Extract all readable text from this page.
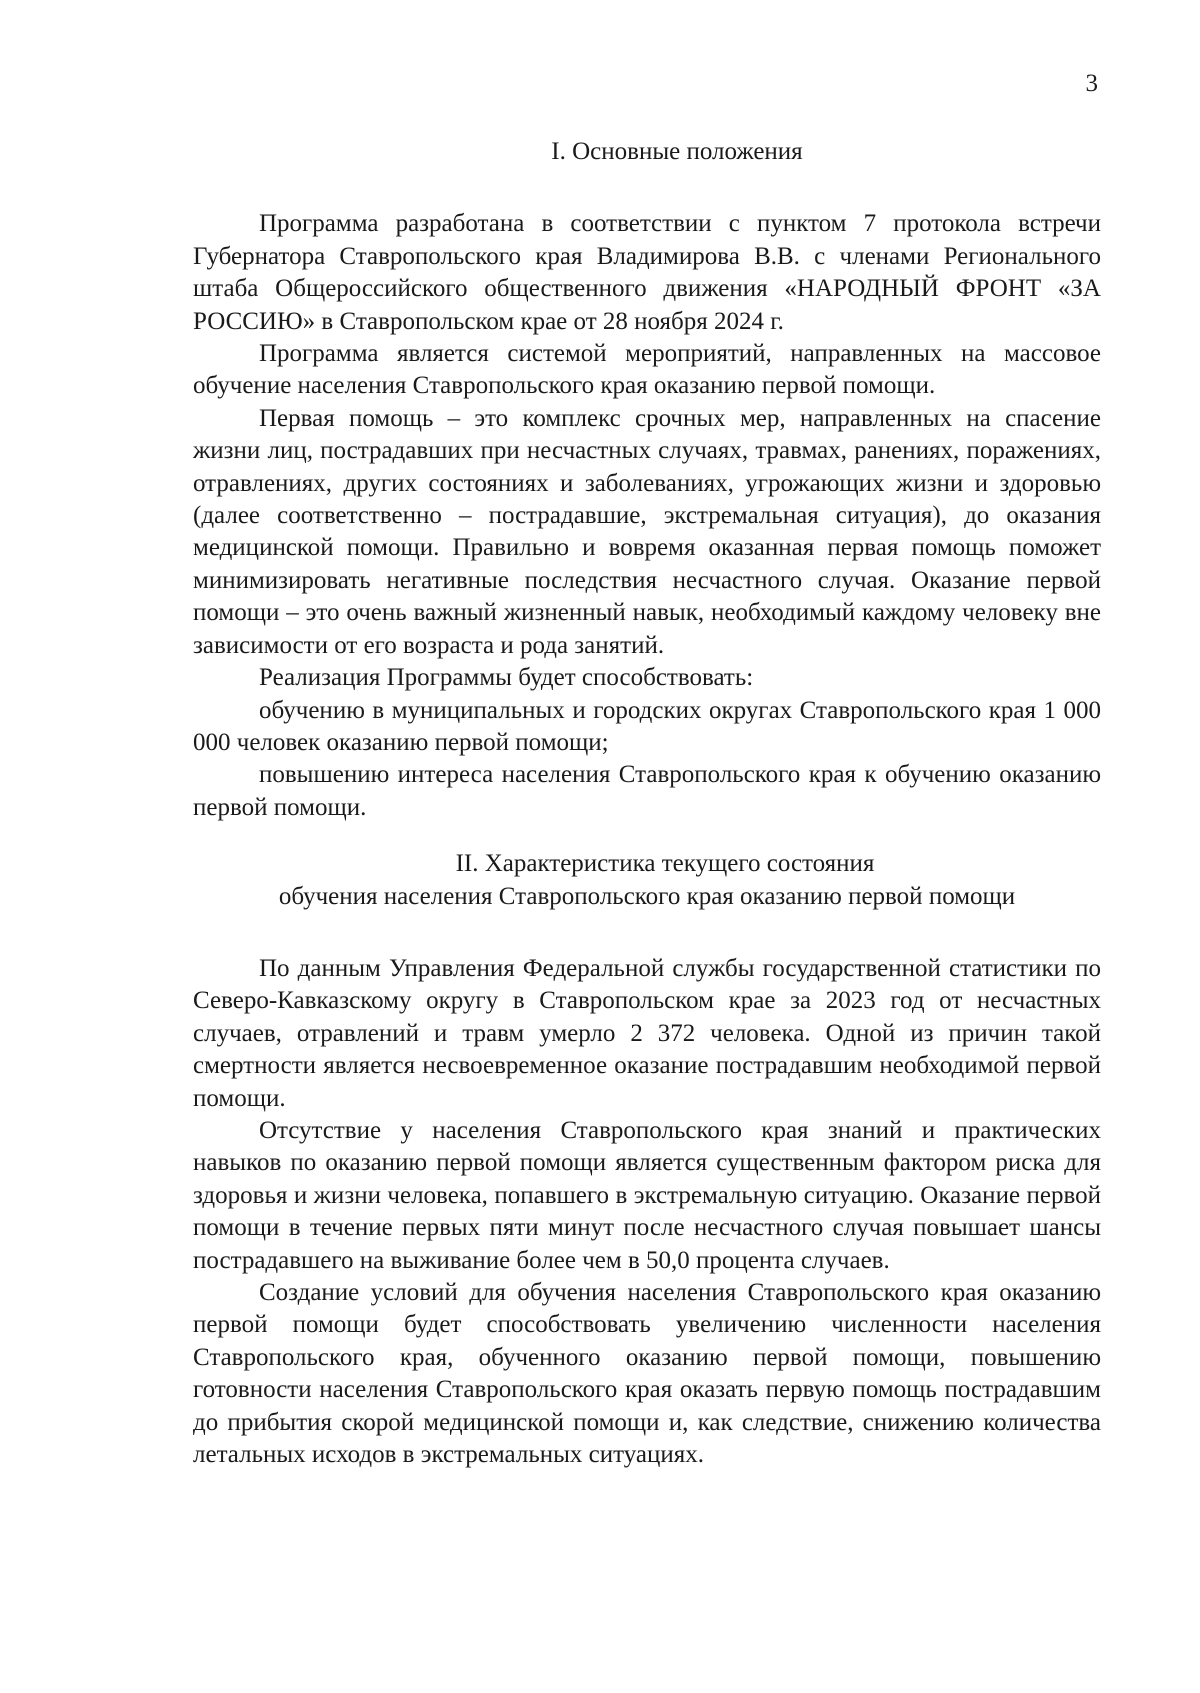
3
I. Основные положения

Программа разработана в соответствии с пунктом 7 протокола встречи Губернатора Ставропольского края Владимирова В.В. с членами Регионального штаба Общероссийского общественного движения «НАРОДНЫЙ ФРОНТ «ЗА РОССИЮ» в Ставропольском крае от 28 ноября 2024 г.

Программа является системой мероприятий, направленных на массовое обучение населения Ставропольского края оказанию первой помощи.

Первая помощь – это комплекс срочных мер, направленных на спасение жизни лиц, пострадавших при несчастных случаях, травмах, ранениях, поражениях, отравлениях, других состояниях и заболеваниях, угрожающих жизни и здоровью (далее соответственно – пострадавшие, экстремальная ситуация), до оказания медицинской помощи. Правильно и вовремя оказанная первая помощь поможет минимизировать негативные последствия несчастного случая. Оказание первой помощи – это очень важный жизненный навык, необходимый каждому человеку вне зависимости от его возраста и рода занятий.

Реализация Программы будет способствовать:

обучению в муниципальных и городских округах Ставропольского края 1 000 000 человек оказанию первой помощи;

повышению интереса населения Ставропольского края к обучению оказанию первой помощи.

II. Характеристика текущего состояния
обучения населения Ставропольского края оказанию первой помощи

По данным Управления Федеральной службы государственной статистики по Северо-Кавказскому округу в Ставропольском крае за 2023 год от несчастных случаев, отравлений и травм умерло 2 372 человека. Одной из причин такой смертности является несвоевременное оказание пострадавшим необходимой первой помощи.

Отсутствие у населения Ставропольского края знаний и практических навыков по оказанию первой помощи является существенным фактором риска для здоровья и жизни человека, попавшего в экстремальную ситуацию. Оказание первой помощи в течение первых пяти минут после несчастного случая повышает шансы пострадавшего на выживание более чем в 50,0 процента случаев.

Создание условий для обучения населения Ставропольского края оказанию первой помощи будет способствовать увеличению численности населения Ставропольского края, обученного оказанию первой помощи, повышению готовности населения Ставропольского края оказать первую помощь пострадавшим до прибытия скорой медицинской помощи и, как следствие, снижению количества летальных исходов в экстремальных ситуациях.
